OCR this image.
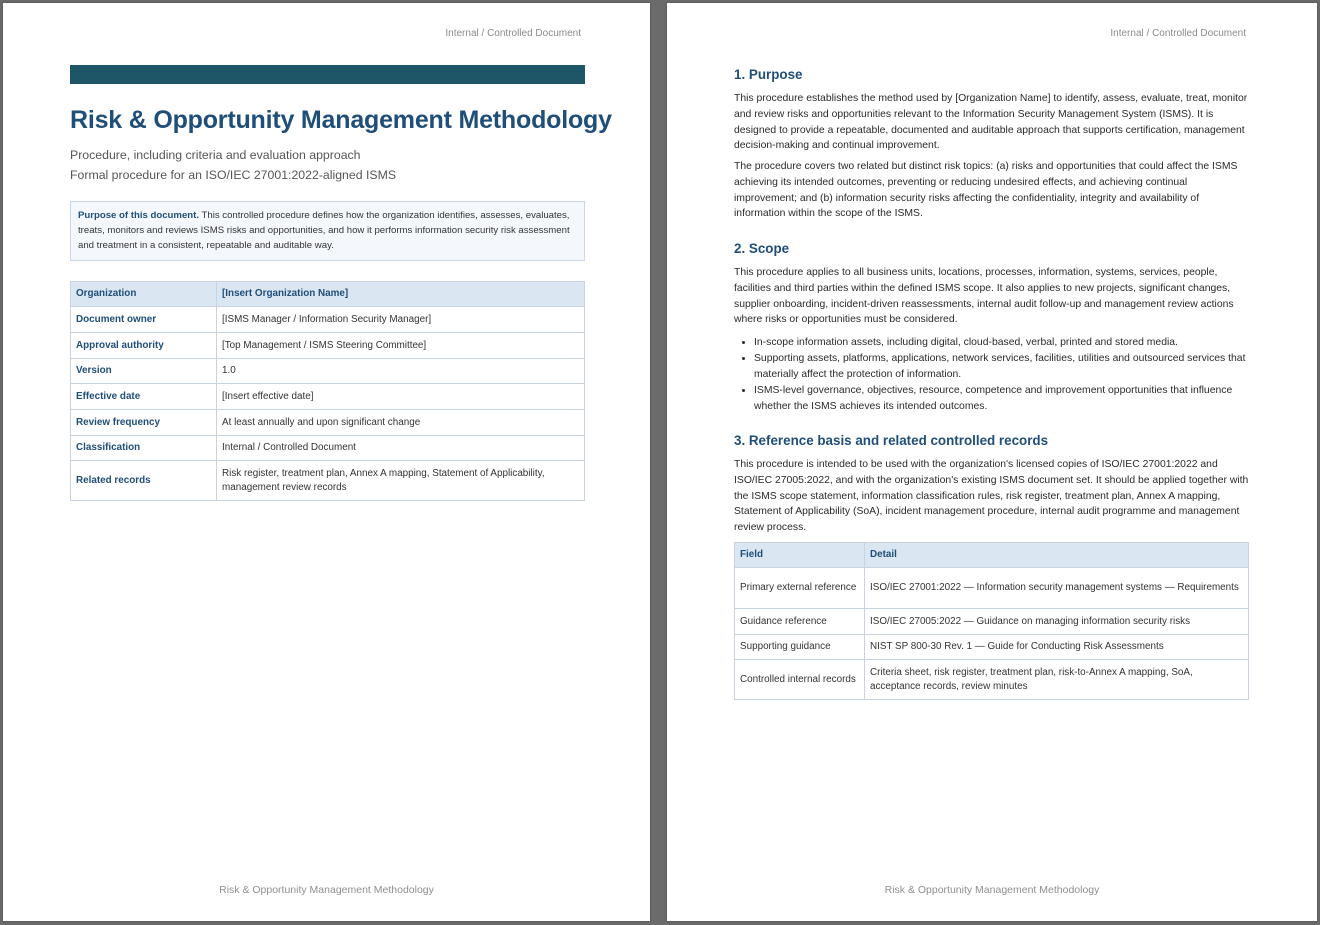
Internal / Controlled Document
Risk & Opportunity Management Methodology

Procedure, including criteria and evaluation approach

Formal procedure for an ISO/IEC 27001:2022-aligned ISMS

Purpose of this document. This controlled procedure defines how the organization identifies, assesses, evaluates, treats, monitors and reviews ISMS risks and opportunities, and how it performs information security risk assessment and treatment in a consistent, repeatable and auditable way.
Organization	[Insert Organization Name]
Document owner	[ISMS Manager / Information Security Manager]
Approval authority	[Top Management / ISMS Steering Committee]
Version	1.0
Effective date	[Insert effective date]
Review frequency	At least annually and upon significant change
Classification	Internal / Controlled Document
Related records	Risk register, treatment plan, Annex A mapping, Statement of Applicability, management review records
Risk & Opportunity Management Methodology
Internal / Controlled Document
1. Purpose

This procedure establishes the method used by [Organization Name] to identify, assess, evaluate, treat, monitor and review risks and opportunities relevant to the Information Security Management System (ISMS). It is designed to provide a repeatable, documented and auditable approach that supports certification, management decision-making and continual improvement.

The procedure covers two related but distinct risk topics: (a) risks and opportunities that could affect the ISMS achieving its intended outcomes, preventing or reducing undesired effects, and achieving continual improvement; and (b) information security risks affecting the confidentiality, integrity and availability of information within the scope of the ISMS.

2. Scope

This procedure applies to all business units, locations, processes, information, systems, services, people, facilities and third parties within the defined ISMS scope. It also applies to new projects, significant changes, supplier onboarding, incident-driven reassessments, internal audit follow-up and management review actions where risks or opportunities must be considered.

• In-scope information assets, including digital, cloud-based, verbal, printed and stored media.
• Supporting assets, platforms, applications, network services, facilities, utilities and outsourced services that materially affect the protection of information.
• ISMS-level governance, objectives, resource, competence and improvement opportunities that influence whether the ISMS achieves its intended outcomes.
3. Reference basis and related controlled records

This procedure is intended to be used with the organization's licensed copies of ISO/IEC 27001:2022 and ISO/IEC 27005:2022, and with the organization's existing ISMS document set. It should be applied together with the ISMS scope statement, information classification rules, risk register, treatment plan, Annex A mapping, Statement of Applicability (SoA), incident management procedure, internal audit programme and management review process.

Field	Detail
Primary external reference	ISO/IEC 27001:2022 — Information security management systems — Requirements
Guidance reference	ISO/IEC 27005:2022 — Guidance on managing information security risks
Supporting guidance	NIST SP 800-30 Rev. 1 — Guide for Conducting Risk Assessments
Controlled internal records	Criteria sheet, risk register, treatment plan, risk-to-Annex A mapping, SoA, acceptance records, review minutes
Risk & Opportunity Management Methodology
